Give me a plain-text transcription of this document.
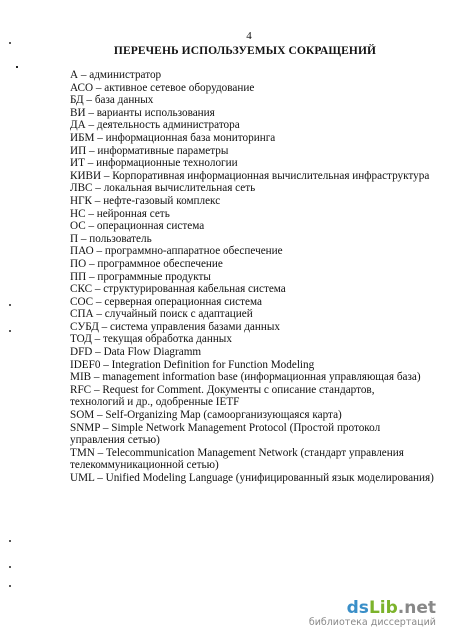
4
ПЕРЕЧЕНЬ ИСПОЛЬЗУЕМЫХ СОКРАЩЕНИЙ
А – администратор
АСО – активное сетевое оборудование
БД – база данных
ВИ – варианты использования
ДА – деятельность администратора
ИБМ – информационная база мониторинга
ИП – информативные параметры
ИТ – информационные технологии
КИВИ – Корпоративная информационная вычислительная инфраструктура
ЛВС – локальная вычислительная сеть
НГК – нефте-газовый комплекс
НС – нейронная сеть
ОС – операционная система
П – пользователь
ПАО – программно-аппаратное обеспечение
ПО – программное обеспечение
ПП – программные продукты
СКС – структурированная кабельная система
СОС – серверная операционная система
СПА – случайный поиск с адаптацией
СУБД – система управления базами данных
ТОД – текущая обработка данных
DFD – Data Flow Diagramm
IDEF0 – Integration Definition for Function Modeling
MIB – management information base (информационная управляющая база)
RFC – Request for Comment. Документы с описание стандартов, технологий и др., одобренные IETF
SOM – Self-Organizing Map (самоорганизующаяся карта)
SNMP – Simple Network Management Protocol (Простой протокол управления сетью)
TMN – Telecommunication Management Network (стандарт управления телекоммуникационной сетью)
UML – Unified Modeling Language (унифицированный язык моделирования)
dsLib.net
библиотека диссертаций
